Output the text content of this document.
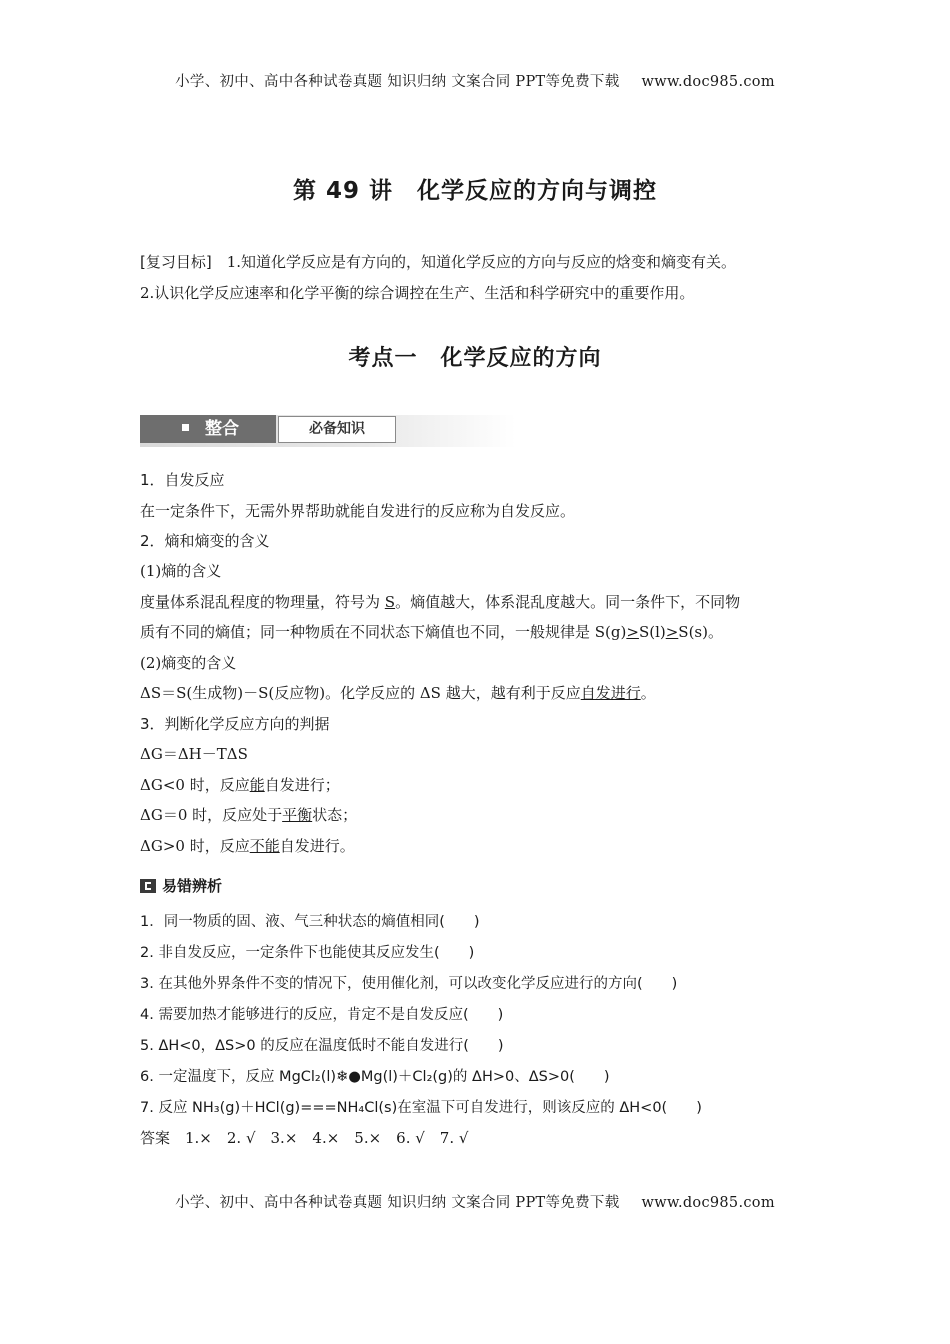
小学、初中、高中各种试卷真题 知识归纳 文案合同 PPT等免费下载 www.doc985.com
第 49 讲　化学反应的方向与调控
[复习目标]　 1.知道化学反应是有方向的，知道化学反应的方向与反应的焓变和熵变有关。
2.认识化学反应速率和化学平衡的综合调控在生产、生活和科学研究中的重要作用。
考点一　化学反应的方向
整合	必备知识
1．自发反应
在一定条件下，无需外界帮助就能自发进行的反应称为自发反应。
2．熵和熵变的含义
(1)熵的含义
度量体系混乱程度的物理量，符号为 S。熵值越大，体系混乱度越大。同一条件下，不同物
质有不同的熵值；同一种物质在不同状态下熵值也不同，一般规律是 S(g)>S(l)>S(s)。
(2)熵变的含义
ΔS＝S(生成物)－S(反应物)。化学反应的 ΔS 越大，越有利于反应自发进行。
3．判断化学反应方向的判据
ΔG＝ΔH－TΔS
ΔG<0 时，反应能自发进行；
ΔG＝0 时，反应处于平衡状态；
ΔG>0 时，反应不能自发进行。
易错辨析
1．同一物质的固、液、气三种状态的熵值相同(　　)
2. 非自发反应，一定条件下也能使其反应发生(　　)
3. 在其他外界条件不变的情况下，使用催化剂，可以改变化学反应进行的方向(　　)
4. 需要加热才能够进行的反应，肯定不是自发反应(　　)
5. ΔH<0，ΔS>0 的反应在温度低时不能自发进行(　　)
6. 一定温度下，反应 MgCl₂(l)❄●Mg(l)＋Cl₂(g)的 ΔH>0、ΔS>0(　　)
7. 反应 NH₃(g)＋HCl(g)===NH₄Cl(s)在室温下可自发进行，则该反应的 ΔH<0(　　)
答案　1.×　2. √　3.×　4.×　5.×　6. √　7. √
小学、初中、高中各种试卷真题 知识归纳 文案合同 PPT等免费下载 www.doc985.com
